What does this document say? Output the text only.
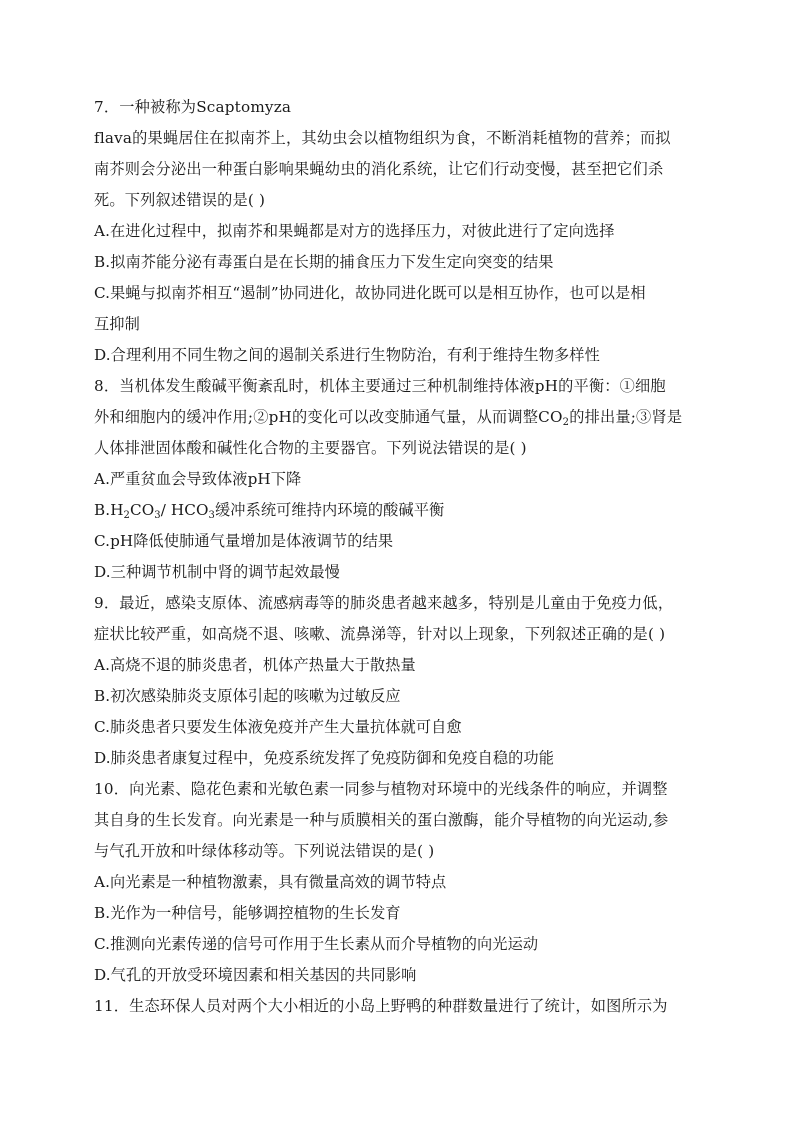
7．一种被称为Scaptomyza
flava的果蝇居住在拟南芥上，其幼虫会以植物组织为食，不断消耗植物的营养；而拟
南芥则会分泌出一种蛋白影响果蝇幼虫的消化系统，让它们行动变慢，甚至把它们杀
死。下列叙述错误的是( )
A.在进化过程中，拟南芥和果蝇都是对方的选择压力，对彼此进行了定向选择
B.拟南芥能分泌有毒蛋白是在长期的捕食压力下发生定向突变的结果
C.果蝇与拟南芥相互“遏制”协同进化，故协同进化既可以是相互协作，也可以是相
互抑制
D.合理利用不同生物之间的遏制关系进行生物防治，有利于维持生物多样性
8．当机体发生酸碱平衡紊乱时，机体主要通过三种机制维持体液pH的平衡：①细胞
外和细胞内的缓冲作用;②pH的变化可以改变肺通气量，从而调整$CO_2$的排出量;③肾是
人体排泄固体酸和碱性化合物的主要器官。下列说法错误的是( )
A.严重贫血会导致体液pH下降
$B.H_2CO_3/$ $HCO_3$缓冲系统可维持内环境的酸碱平衡
C.pH降低使肺通气量增加是体液调节的结果
D.三种调节机制中肾的调节起效最慢
9．最近，感染支原体、流感病毒等的肺炎患者越来越多，特别是儿童由于免疫力低，
症状比较严重，如高烧不退、咳嗽、流鼻涕等，针对以上现象，下列叙述正确的是( )
A.高烧不退的肺炎患者，机体产热量大于散热量
B.初次感染肺炎支原体引起的咳嗽为过敏反应
C.肺炎患者只要发生体液免疫并产生大量抗体就可自愈
D.肺炎患者康复过程中，免疫系统发挥了免疫防御和免疫自稳的功能
10．向光素、隐花色素和光敏色素一同参与植物对环境中的光线条件的响应，并调整
其自身的生长发育。向光素是一种与质膜相关的蛋白激酶，能介导植物的向光运动,参
与气孔开放和叶绿体移动等。下列说法错误的是( )
A.向光素是一种植物激素，具有微量高效的调节特点
B.光作为一种信号，能够调控植物的生长发育
C.推测向光素传递的信号可作用于生长素从而介导植物的向光运动
D.气孔的开放受环境因素和相关基因的共同影响
11．生态环保人员对两个大小相近的小岛上野鸭的种群数量进行了统计，如图所示为
